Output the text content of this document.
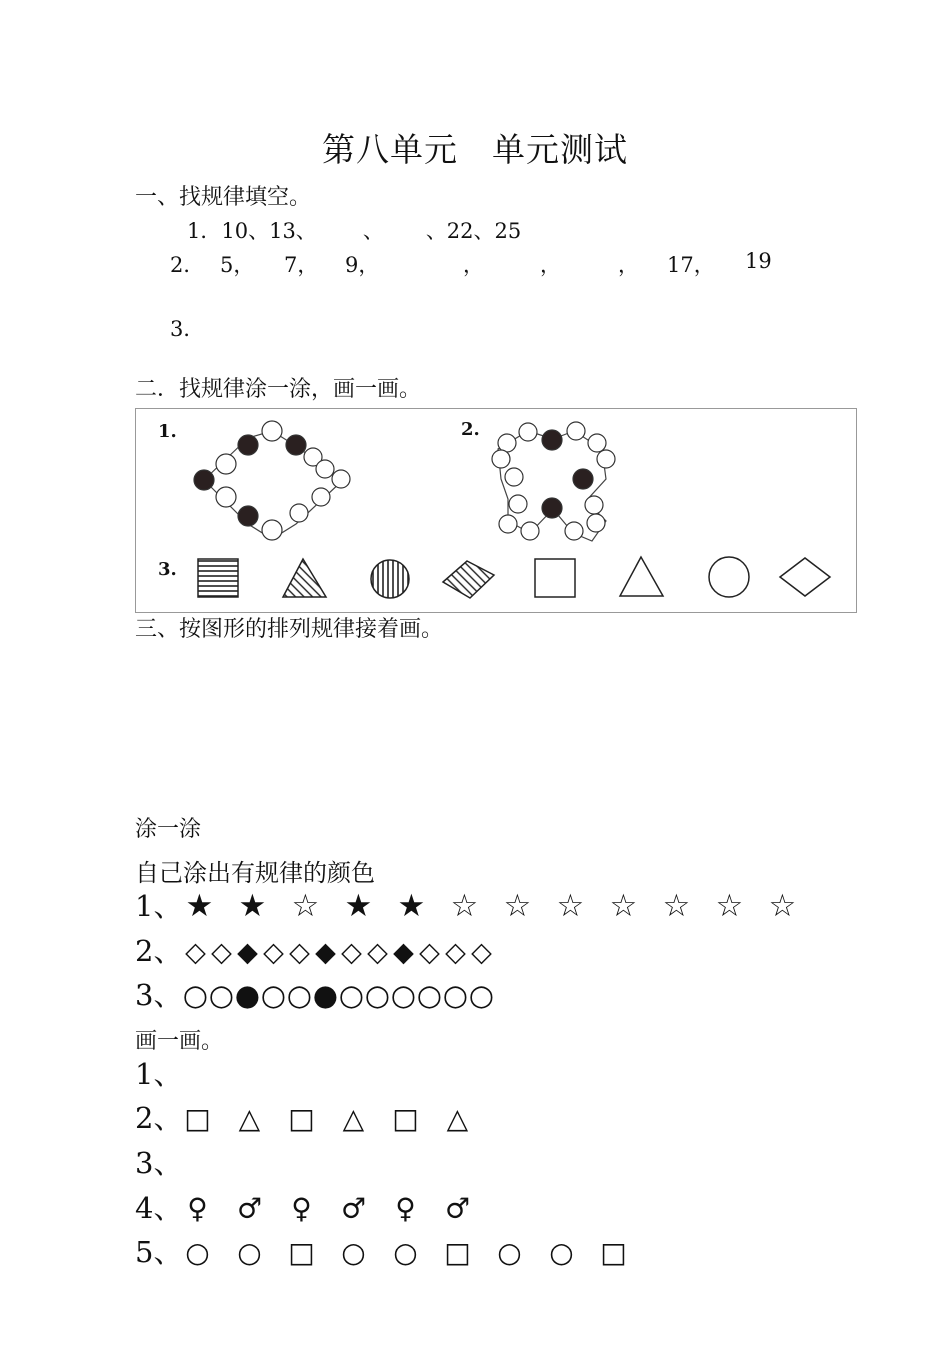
第八单元　单元测试
一、找规律填空。
1．10、13、 、 、22、25
2． 5， 7， 9，	，	，	， 17， 19
3．
二．找规律涂一涂，画一画。
1.	2.
3.
三、按图形的排列规律接着画。
涂一涂
自己涂出有规律的颜色
1、★ ★ ☆ ★ ★ ☆ ☆ ☆ ☆ ☆ ☆ ☆
2、◇ ◇ ◆ ◇ ◇ ◆ ◇ ◇ ◆ ◇ ◇ ◇
3、○○●○○●○○○○○○
画一画。
1、
2、□ △ □ △ □ △
3、
4、 ♀ ♂ ♀ ♂ ♀ ♂
5、○ ○ □ ○ ○ □ ○ ○ □
